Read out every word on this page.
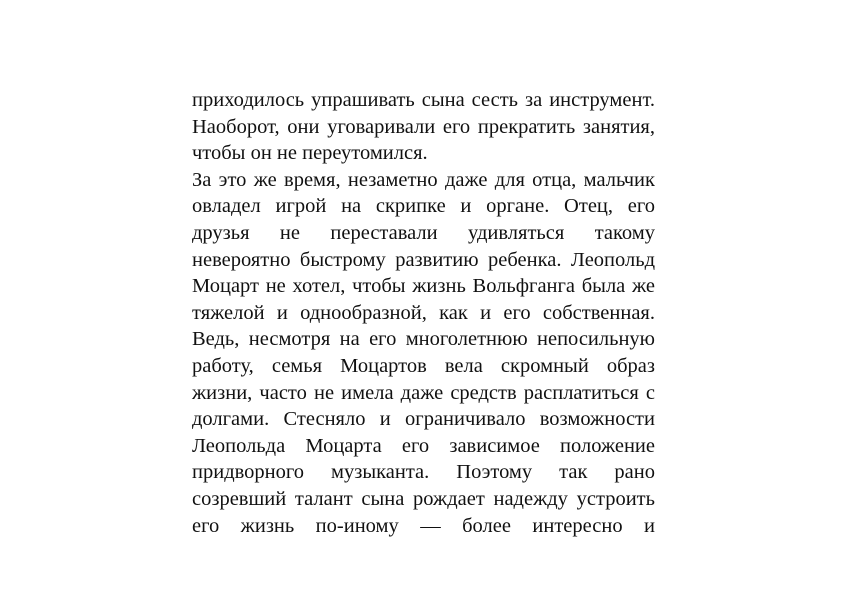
приходилось упрашивать сына сесть за инструмент.
Наоборот, они уговаривали его прекратить занятия,
чтобы он не переутомился.
За это же время, незаметно даже для отца, мальчик
овладел игрой на скрипке и органе. Отец, его
друзья не переставали удивляться такому
невероятно быстрому развитию ребенка. Леопольд
Моцарт не хотел, чтобы жизнь Вольфганга была же
тяжелой и однообразной, как и его собственная.
Ведь, несмотря на его многолетнюю непосильную
работу, семья Моцартов вела скромный образ
жизни, часто не имела даже средств расплатиться с
долгами. Стесняло и ограничивало возможности
Леопольда Моцарта его зависимое положение
придворного музыканта. Поэтому так рано
созревший талант сына рождает надежду устроить
его жизнь по-иному — более интересно и
